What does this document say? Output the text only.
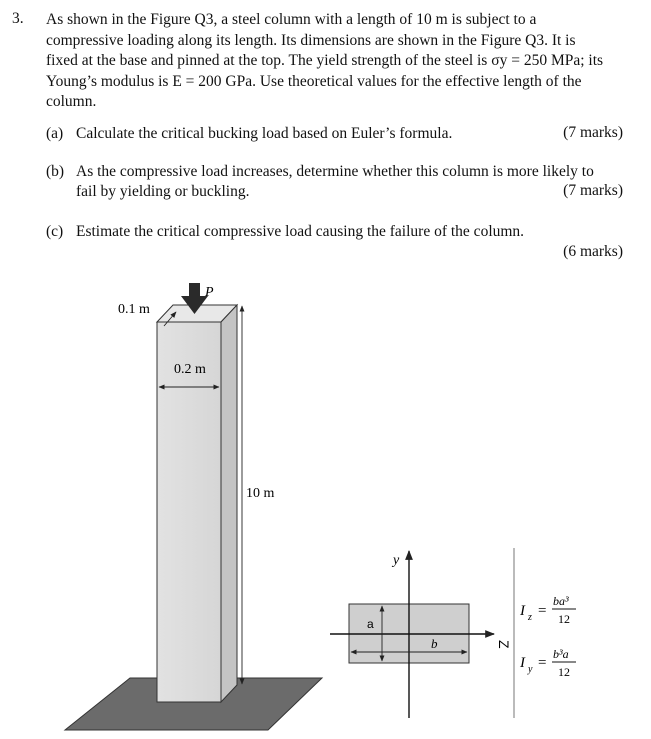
3. As shown in the Figure Q3, a steel column with a length of 10 m is subject to a
compressive loading along its length. Its dimensions are shown in the Figure Q3. It is
fixed at the base and pinned at the top. The yield strength of the steel is σy = 250 MPa; its
Young’s modulus is E = 200 GPa. Use theoretical values for the effective length of the
column.
(a) Calculate the critical bucking load based on Euler’s formula.	(7 marks)
(b) As the compressive load increases, determine whether this column is more likely to
fail by yielding or buckling.	(7 marks)
(c) Estimate the critical compressive load causing the failure of the column.
(6 marks)
P
0.1 m
0.2 m
10 m
y
Z
a
b
I z =
ba³
12
I y =
b³a
12
